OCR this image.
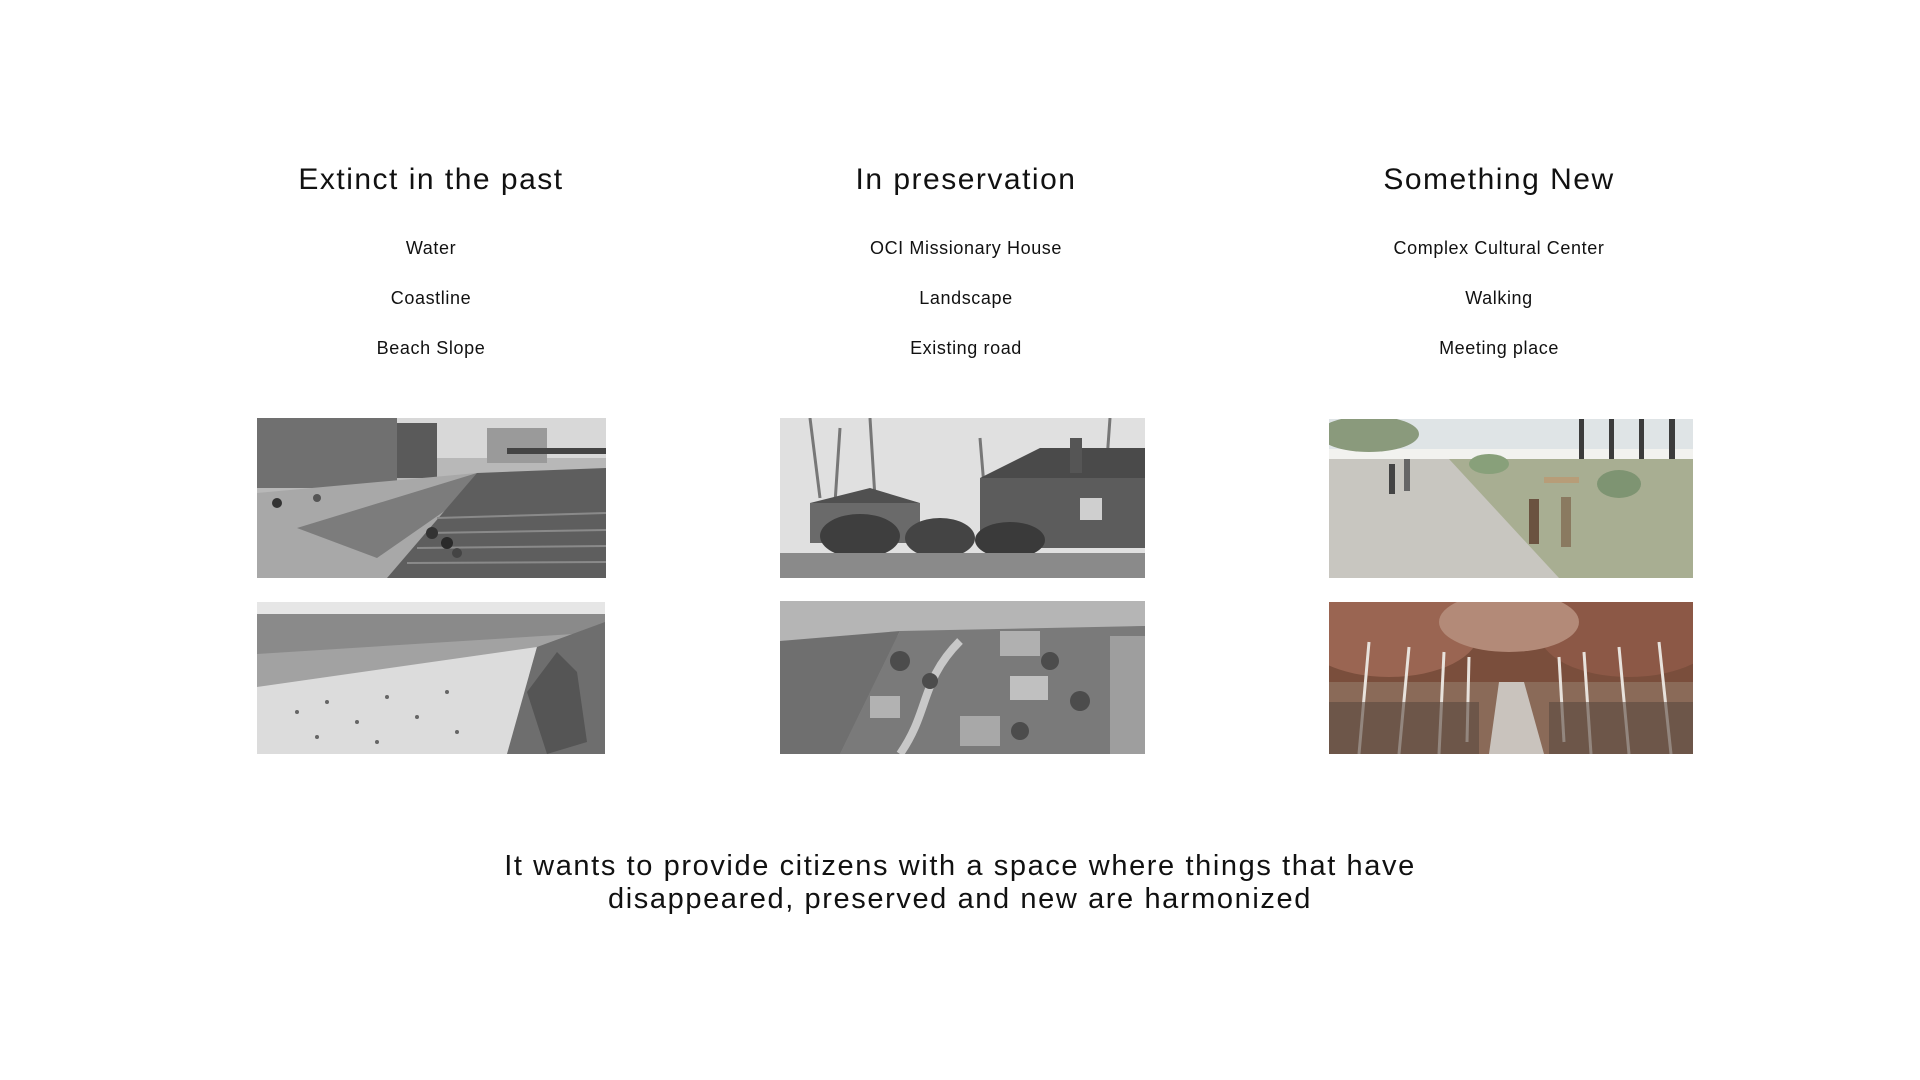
Extinct in the past
Water
Coastline
Beach Slope
In preservation
OCI Missionary House
Landscape
Existing road
Something New
Complex Cultural Center
Walking
Meeting place

It wants to provide citizens with a space where things that have
disappeared, preserved and new are harmonized
